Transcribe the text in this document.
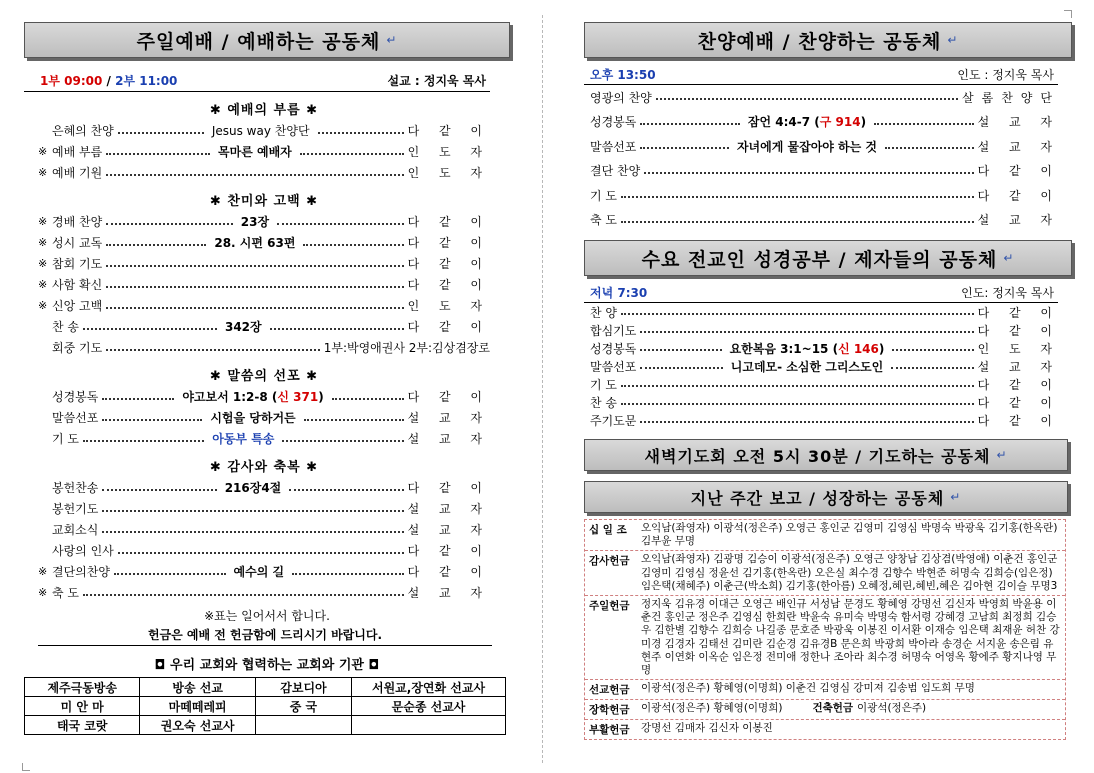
주일예배 / 예배하는 공동체 ↵
1부 09:00 / 2부 11:00	설교 : 정지욱 목사
✱ 예배의 부름 ✱
은혜의 찬양	Jesus way 찬양단	다 같 이
※ 예배 부름	목마른 예배자	인 도 자
※ 예배 기원	인 도 자
✱ 찬미와 고백 ✱
※ 경배 찬양	23장	다 같 이
※ 성시 교독	28. 시편 63편	다 같 이
※ 참회 기도	다 같 이
※ 사함 확신	다 같 이
※ 신앙 고백	인 도 자
찬 송	342장	다 같 이
회중 기도	1부:박영애권사 2부:김상겸장로
✱ 말씀의 선포 ✱
성경봉독	야고보서 1:2-8 (신 371)	다 같 이
말씀선포	시험을 당하거든	설 교 자
기 도	아동부 특송	설 교 자
✱ 감사와 축복 ✱
봉헌찬송	216장4절	다 같 이
봉헌기도	설 교 자
교회소식	설 교 자
사랑의 인사	다 같 이
※ 결단의찬양	예수의 길	다 같 이
※ 축 도	설 교 자
※표는 일어서서 합니다.
헌금은 예배 전 헌금함에 드리시기 바랍니다.
◘ 우리 교회와 협력하는 교회와 기관 ◘
제주극동방송	방송 선교	감보디아	서원교,장연화 선교사
미 안 마	마떼떼레피	중 국	문순종 선교사
태국 코랏	권오숙 선교사		
찬양예배 / 찬양하는 공동체 ↵
오후 13:50	인도 : 정지욱 목사
영광의 찬양	살롬찬양단
성경봉독	잠언 4:4-7 (구 914)	설 교 자
말씀선포	자녀에게 물잡아야 하는 것	설 교 자
결단 찬양	다 같 이
기 도	다 같 이
축 도	설 교 자
수요 전교인 성경공부 / 제자들의 공동체 ↵
저녁 7:30	인도: 정지욱 목사
찬 양	다 같 이
합심기도	다 같 이
성경봉독	요한복음 3:1~15 (신 146)	인 도 자
말씀선포	니고데모- 소심한 그리스도인	설 교 자
기 도	다 같 이
찬 송	다 같 이
주기도문	다 같 이
새벽기도회 오전 5시 30분 / 기도하는 공동체 ↵
지난 주간 보고 / 성장하는 공동체 ↵
십 일 조	오익남(좌영자) 이광석(정은주) 오영근 홍인군 김영미 김영심 박명숙 박광욱 김기홍(한옥란) 김부윤 무명
감사헌금	오익남(좌영자) 김광명 김승이 이광석(정은주) 오영근 양창남 김상겸(박영애) 이춘건 홍인군 김영미 김영심 정윤선 김기홍(한옥란) 오은실 최수경 김향수 박현준 허명숙 김희승(임은정) 임은택(채혜주) 이춘근(박소희) 김기홍(한아름) 오혜정,혜린,혜빈,혜은 김아현 김이슬 무명3
주일헌금	정지욱 김유경 이대근 오영근 배인규 서성남 문경도 황혜영 강명선 김신자 박영희 박윤용 이춘건 홍인군 정은주 김영심 한희란 박윤숙 유미숙 박명숙 함서령 강혜경 고남희 최정희 김승우 김한별 김향수 김희승 나길종 문호준 박광욱 이봉진 이서환 이재승 임은택 최재윤 허찬 강미경 김경자 김태선 김미란 김순경 김유경B 문은희 박광희 박아라 송경순 서지윤 송은림 유현주 이연화 이옥순 임은정 전미애 정한나 조아라 최수경 허명숙 어영옥 황에주 황지나영 무명
선교헌금	이광석(정은주) 황혜영(이명희) 이춘건 김영심 강미져 김송범 임도희 무명
장학헌금	이광석(정은주) 황혜영(이명희)	건축헌금 이광석(정은주)
부활헌금	강명선 김매자 김신자 이봉진
